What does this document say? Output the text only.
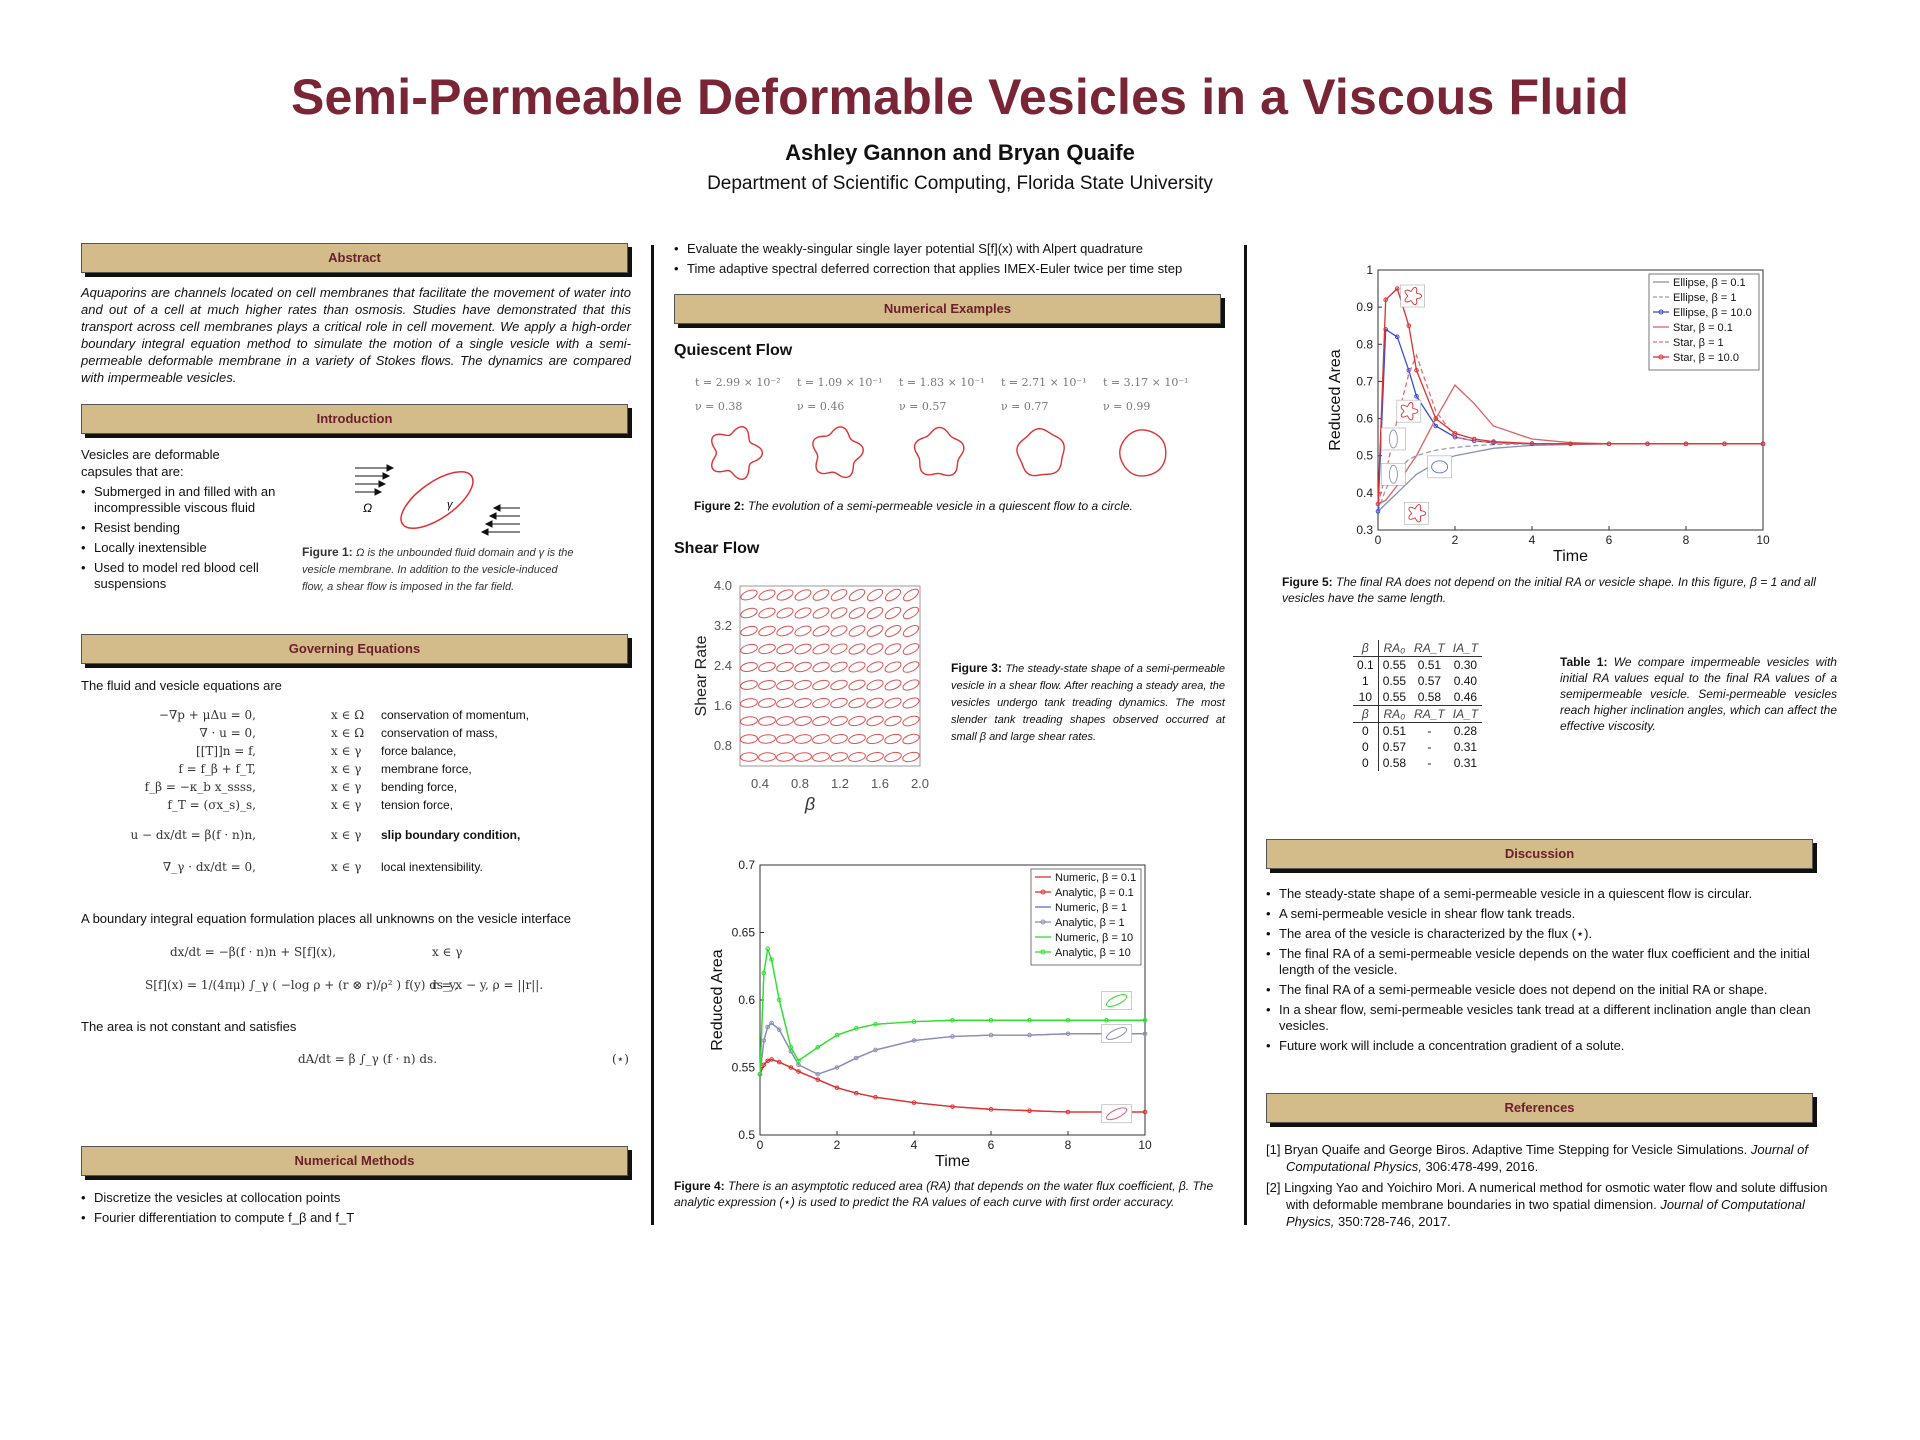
Semi-Permeable Deformable Vesicles in a Viscous Fluid
Ashley Gannon and Bryan Quaife
Department of Scientific Computing, Florida State University
Abstract
Aquaporins are channels located on cell membranes that facilitate the movement of water into and out of a cell at much higher rates than osmosis. Studies have demonstrated that this transport across cell membranes plays a critical role in cell movement. We apply a high-order boundary integral equation method to simulate the motion of a single vesicle with a semi-permeable deformable membrane in a variety of Stokes flows. The dynamics are compared with impermeable vesicles.
Introduction
Vesicles are deformable capsules that are:
• Submerged in and filled with an incompressible viscous fluid
• Resist bending
• Locally inextensible
• Used to model red blood cell suspensions
Ω	γ
Figure 1: Ω is the unbounded fluid domain and γ is the vesicle membrane. In addition to the vesicle-induced flow, a shear flow is imposed in the far field.
Governing Equations
The fluid and vesicle equations are
−∇p + μΔu = 0,	x ∈ Ω conservation of momentum,
∇ · u = 0,	x ∈ Ω conservation of mass,
[[T]]n = f,	x ∈ γ force balance,
f = f_β + f_T,	x ∈ γ membrane force,
f_β = −κ_b x_ssss,	x ∈ γ bending force,
f_T = (σx_s)_s,	x ∈ γ tension force,
u − dx/dt = β(f · n)n,	x ∈ γ slip boundary condition,
∇_γ · dx/dt = 0,	x ∈ γ local inextensibility.
A boundary integral equation formulation places all unknowns on the vesicle interface
dx/dt = −β(f · n)n + S[f](x),	x ∈ γ
S[f](x) = 1/(4πμ) ∫_γ ( −log ρ + (r ⊗ r)/ρ² ) f(y) ds_y,
r = x − y, ρ = ||r||.
The area is not constant and satisfies
dA/dt = β ∫_γ (f · n) ds.	(⋆)
Numerical Methods
• Discretize the vesicles at collocation points
• Fourier differentiation to compute f_β and f_T
• Evaluate the weakly-singular single layer potential S[f](x) with Alpert quadrature
• Time adaptive spectral deferred correction that applies IMEX-Euler twice per time step
Numerical Examples
Quiescent Flow
t = 2.99 × 10⁻² t = 1.09 × 10⁻¹ t = 1.83 × 10⁻¹ t = 2.71 × 10⁻¹ t = 3.17 × 10⁻¹
ν = 0.38	ν = 0.46	ν = 0.57	ν = 0.77	ν = 0.99
Figure 2: The evolution of a semi-permeable vesicle in a quiescent flow to a circle.
Shear Flow
0.4 0.8 1.2 1.6 2.0
4.0
3.2
2.4
1.6
0.8
β
Shear Rate	Figure 3: The steady-state shape of a semi-permeable vesicle in a shear flow. After reaching a steady area, the vesicles undergo tank treading dynamics. The most slender tank treading shapes observed occurred at small β and large shear rates.
0	2	4	6	8	10
0.5
0.55
0.6
0.65
0.7
Time
Reduced Area
Numeric, β = 0.1
Analytic, β = 0.1
Numeric, β = 1
Analytic, β = 1
Numeric, β = 10
Analytic, β = 10
Figure 4: There is an asymptotic reduced area (RA) that depends on the water flux coefficient, β. The analytic expression (⋆) is used to predict the RA values of each curve with first order accuracy.
0	2	4	6	8	10
0.3
0.4
0.5
0.6
0.7
0.8
0.9
1
Time
Reduced Area
Ellipse, β = 0.1
Ellipse, β = 1
Ellipse, β = 10.0
Star, β = 0.1
Star, β = 1
Star, β = 10.0
Figure 5: The final RA does not depend on the initial RA or vesicle shape. In this figure, β = 1 and all vesicles have the same length.
β	RA₀	RA_T	IA_T
0.1	0.55	0.51	0.30
1	0.55	0.57	0.40
10	0.55	0.58	0.46
β	RA₀	RA_T	IA_T
0	0.51	-	0.28
0	0.57	-	0.31
0	0.58	-	0.31
Table 1: We compare impermeable vesicles with initial RA values equal to the final RA values of a semipermeable vesicle. Semi-permeable vesicles reach higher inclination angles, which can affect the effective viscosity.
Discussion
• The steady-state shape of a semi-permeable vesicle in a quiescent flow is circular.
• A semi-permeable vesicle in shear flow tank treads.
• The area of the vesicle is characterized by the flux (⋆).
• The final RA of a semi-permeable vesicle depends on the water flux coefficient and the initial length of the vesicle.
• The final RA of a semi-permeable vesicle does not depend on the initial RA or shape.
• In a shear flow, semi-permeable vesicles tank tread at a different inclination angle than clean vesicles.
• Future work will include a concentration gradient of a solute.
References
[1] Bryan Quaife and George Biros. Adaptive Time Stepping for Vesicle Simulations. Journal of Computational Physics, 306:478-499, 2016.
[2] Lingxing Yao and Yoichiro Mori. A numerical method for osmotic water flow and solute diffusion with deformable membrane boundaries in two spatial dimension. Journal of Computational Physics, 350:728-746, 2017.
